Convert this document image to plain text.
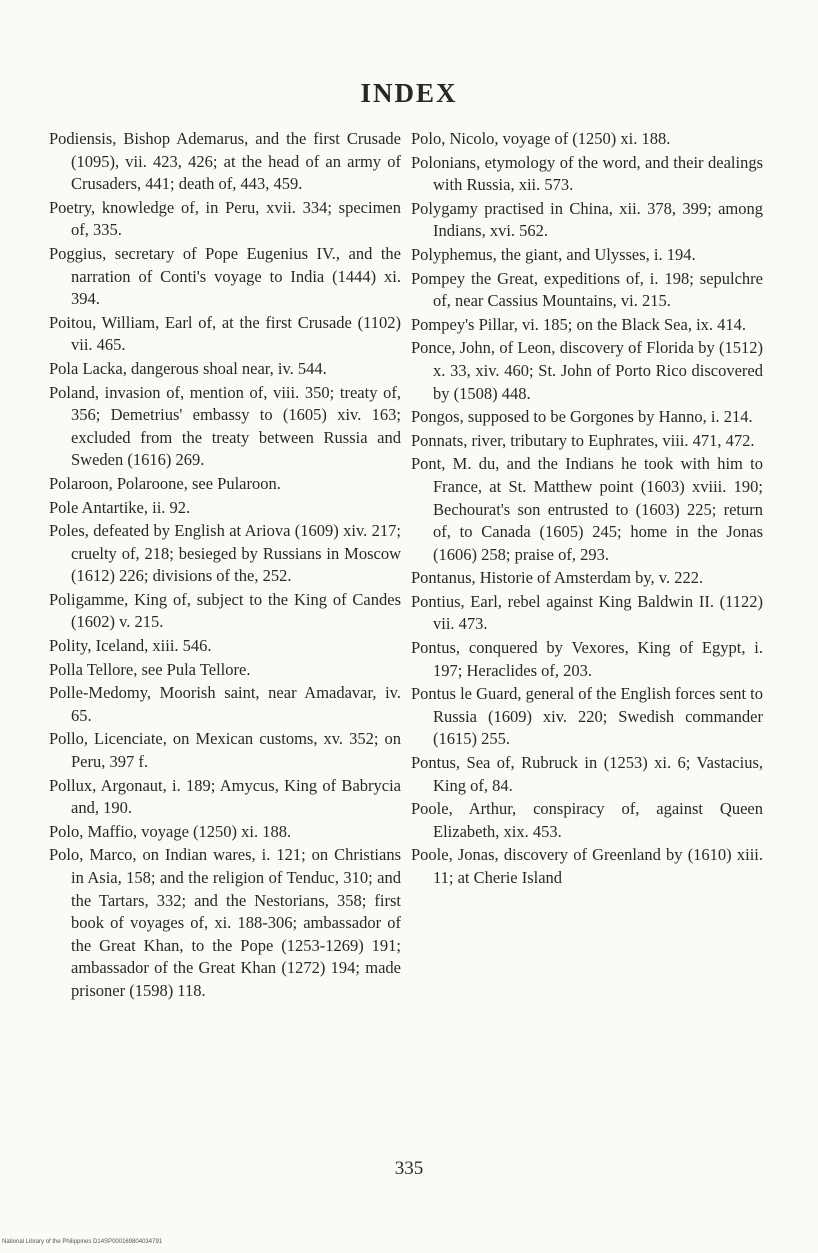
INDEX

Podiensis, Bishop Ademarus, and the first Crusade (1095), vii. 423, 426; at the head of an army of Crusaders, 441; death of, 443, 459.

Poetry, knowledge of, in Peru, xvii. 334; specimen of, 335.

Poggius, secretary of Pope Eugenius IV., and the narration of Conti's voyage to India (1444) xi. 394.

Poitou, William, Earl of, at the first Crusade (1102) vii. 465.

Pola Lacka, dangerous shoal near, iv. 544.

Poland, invasion of, mention of, viii. 350; treaty of, 356; Demetrius' embassy to (1605) xiv. 163; excluded from the treaty between Russia and Sweden (1616) 269.

Polaroon, Polaroone, see Pularoon.

Pole Antartike, ii. 92.

Poles, defeated by English at Ariova (1609) xiv. 217; cruelty of, 218; besieged by Russians in Moscow (1612) 226; divisions of the, 252.

Poligamme, King of, subject to the King of Candes (1602) v. 215.

Polity, Iceland, xiii. 546.

Polla Tellore, see Pula Tellore.

Polle-Medomy, Moorish saint, near Amadavar, iv. 65.

Pollo, Licenciate, on Mexican customs, xv. 352; on Peru, 397 f.

Pollux, Argonaut, i. 189; Amycus, King of Babrycia and, 190.

Polo, Maffio, voyage (1250) xi. 188.

Polo, Marco, on Indian wares, i. 121; on Christians in Asia, 158; and the religion of Tenduc, 310; and the Tartars, 332; and the Nestorians, 358; first book of voyages of, xi. 188-306; ambassador of the Great Khan, to the Pope (1253-1269) 191; ambassador of the Great Khan (1272) 194; made prisoner (1598) 118.

Polo, Nicolo, voyage of (1250) xi. 188.

Polonians, etymology of the word, and their dealings with Russia, xii. 573.

Polygamy practised in China, xii. 378, 399; among Indians, xvi. 562.

Polyphemus, the giant, and Ulysses, i. 194.

Pompey the Great, expeditions of, i. 198; sepulchre of, near Cassius Mountains, vi. 215.

Pompey's Pillar, vi. 185; on the Black Sea, ix. 414.

Ponce, John, of Leon, discovery of Florida by (1512) x. 33, xiv. 460; St. John of Porto Rico discovered by (1508) 448.

Pongos, supposed to be Gorgones by Hanno, i. 214.

Ponnats, river, tributary to Euphrates, viii. 471, 472.

Pont, M. du, and the Indians he took with him to France, at St. Matthew point (1603) xviii. 190; Bechourat's son entrusted to (1603) 225; return of, to Canada (1605) 245; home in the Jonas (1606) 258; praise of, 293.

Pontanus, Historie of Amsterdam by, v. 222.

Pontius, Earl, rebel against King Baldwin II. (1122) vii. 473.

Pontus, conquered by Vexores, King of Egypt, i. 197; Heraclides of, 203.

Pontus le Guard, general of the English forces sent to Russia (1609) xiv. 220; Swedish commander (1615) 255.

Pontus, Sea of, Rubruck in (1253) xi. 6; Vastacius, King of, 84.

Poole, Arthur, conspiracy of, against Queen Elizabeth, xix. 453.

Poole, Jonas, discovery of Greenland by (1610) xiii. 11; at Cherie Island

335
National Library of the Philippines D14SP000169804034791
